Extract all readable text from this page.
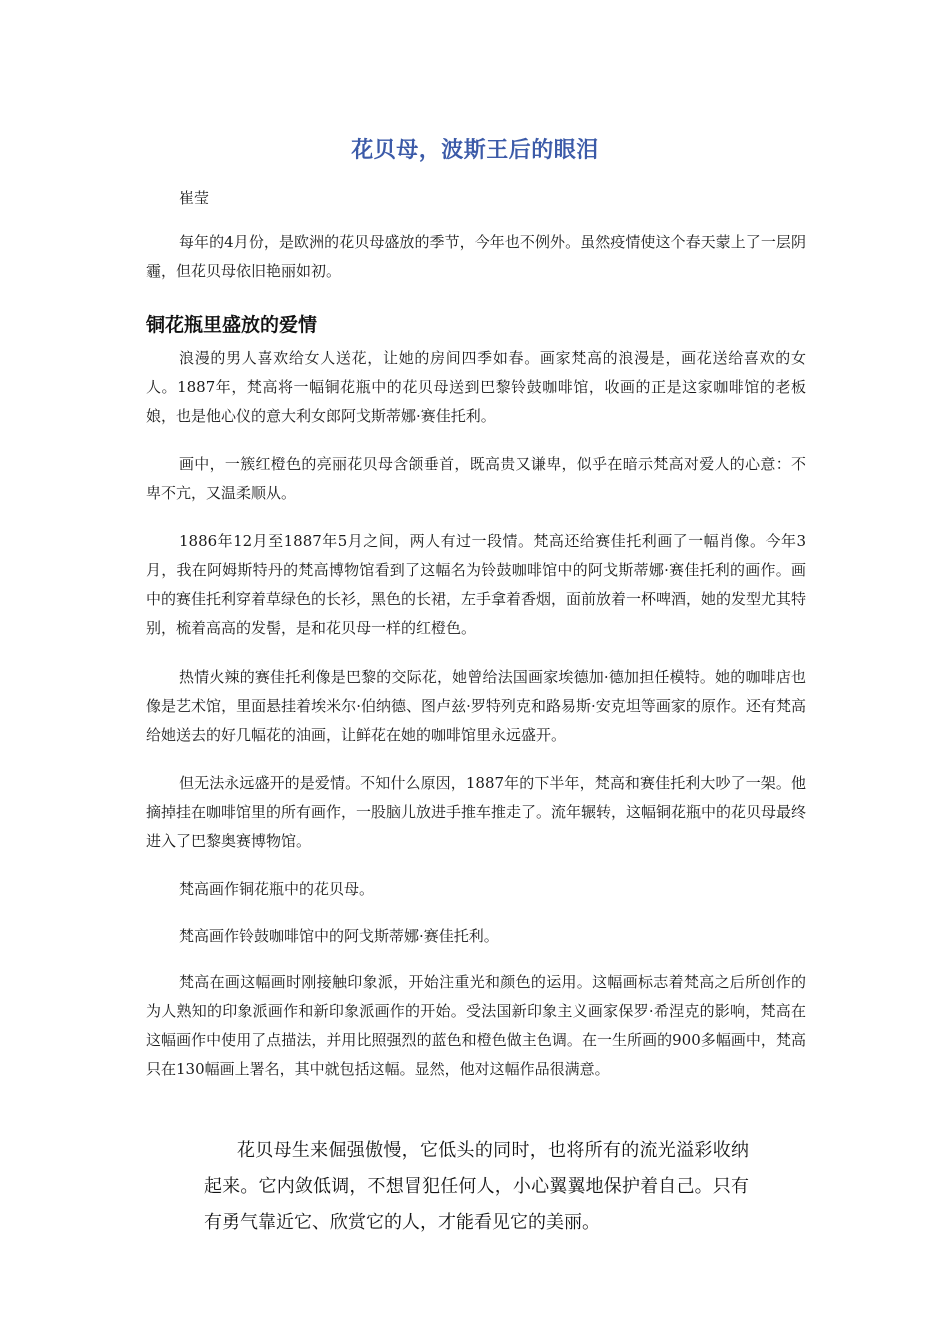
花贝母，波斯王后的眼泪
崔莹

每年的4月份，是欧洲的花贝母盛放的季节，今年也不例外。虽然疫情使这个春天蒙上了一层阴霾，但花贝母依旧艳丽如初。

铜花瓶里盛放的爱情

浪漫的男人喜欢给女人送花，让她的房间四季如春。画家梵高的浪漫是，画花送给喜欢的女人。1887年，梵高将一幅铜花瓶中的花贝母送到巴黎铃鼓咖啡馆，收画的正是这家咖啡馆的老板娘，也是他心仪的意大利女郎阿戈斯蒂娜·赛佳托利。

画中，一簇红橙色的亮丽花贝母含颌垂首，既高贵又谦卑，似乎在暗示梵高对爱人的心意：不卑不亢，又温柔顺从。

1886年12月至1887年5月之间，两人有过一段情。梵高还给赛佳托利画了一幅肖像。今年3月，我在阿姆斯特丹的梵高博物馆看到了这幅名为铃鼓咖啡馆中的阿戈斯蒂娜·赛佳托利的画作。画中的赛佳托利穿着草绿色的长衫，黑色的长裙，左手拿着香烟，面前放着一杯啤酒，她的发型尤其特别，梳着高高的发髻，是和花贝母一样的红橙色。

热情火辣的赛佳托利像是巴黎的交际花，她曾给法国画家埃德加·德加担任模特。她的咖啡店也像是艺术馆，里面悬挂着埃米尔·伯纳德、图卢兹·罗特列克和路易斯·安克坦等画家的原作。还有梵高给她送去的好几幅花的油画，让鲜花在她的咖啡馆里永远盛开。

但无法永远盛开的是爱情。不知什么原因，1887年的下半年，梵高和赛佳托利大吵了一架。他摘掉挂在咖啡馆里的所有画作，一股脑儿放进手推车推走了。流年辗转，这幅铜花瓶中的花贝母最终进入了巴黎奥赛博物馆。

梵高画作铜花瓶中的花贝母。

梵高画作铃鼓咖啡馆中的阿戈斯蒂娜·赛佳托利。

梵高在画这幅画时刚接触印象派，开始注重光和颜色的运用。这幅画标志着梵高之后所创作的为人熟知的印象派画作和新印象派画作的开始。受法国新印象主义画家保罗·希涅克的影响，梵高在这幅画作中使用了点描法，并用比照强烈的蓝色和橙色做主色调。在一生所画的900多幅画中，梵高只在130幅画上署名，其中就包括这幅。显然，他对这幅作品很满意。

花贝母生来倔强傲慢，它低头的同时，也将所有的流光溢彩收纳起来。它内敛低调，不想冒犯任何人，小心翼翼地保护着自己。只有有勇气靠近它、欣赏它的人，才能看见它的美丽。
